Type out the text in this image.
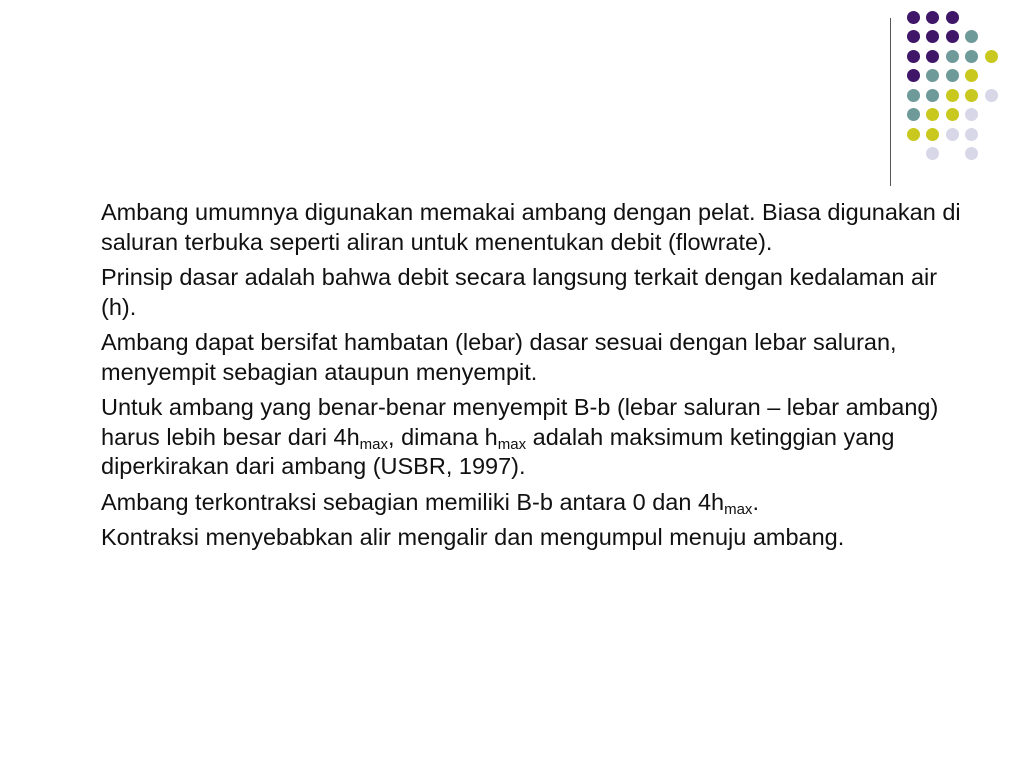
Ambang umumnya digunakan memakai ambang dengan pelat. Biasa digunakan di saluran terbuka seperti aliran untuk menentukan debit (flowrate).

Prinsip dasar adalah bahwa debit secara langsung terkait dengan kedalaman air (h).

Ambang dapat bersifat hambatan (lebar) dasar sesuai dengan lebar saluran, menyempit sebagian ataupun menyempit.

Untuk ambang yang benar-benar menyempit B-b (lebar saluran – lebar ambang) harus lebih besar dari $4h_{max}$, dimana $h_{max}$ adalah maksimum ketinggian yang diperkirakan dari ambang (USBR, 1997).

Ambang terkontraksi sebagian memiliki B-b antara 0 dan $4h_{max}$.

Kontraksi menyebabkan alir mengalir dan mengumpul menuju ambang.
